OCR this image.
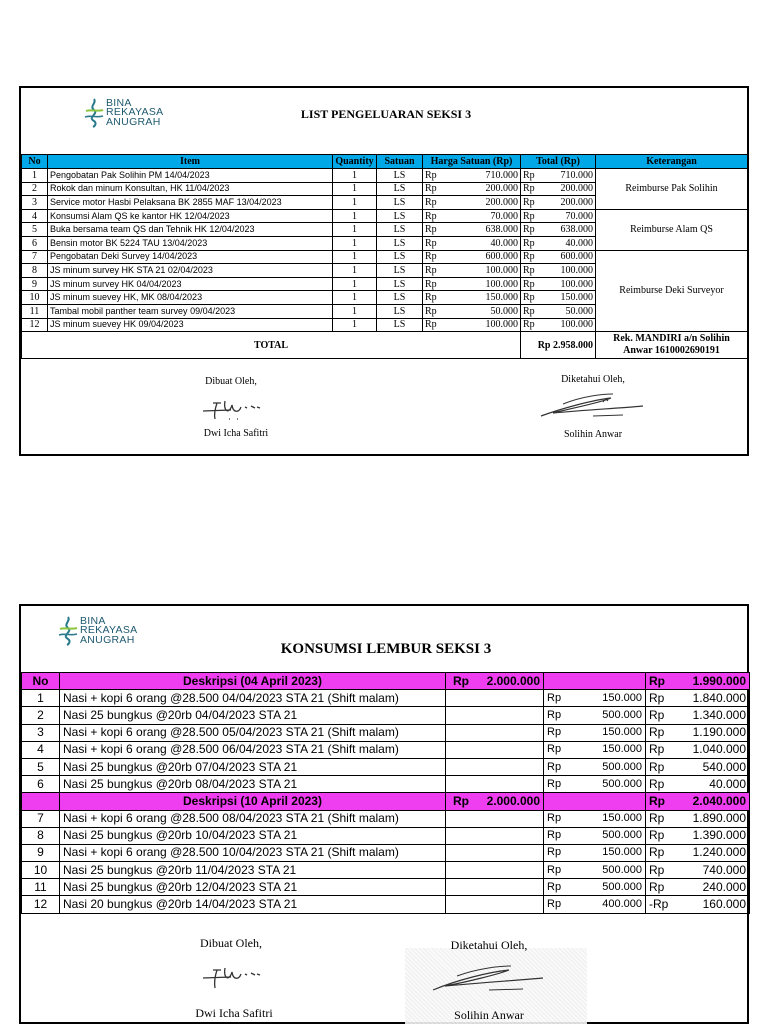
BINA
REKAYASA
ANUGRAH
LIST PENGELUARAN SEKSI 3
No	Item	Quantity	Satuan	Harga Satuan (Rp)		Total (Rp)		Keterangan
1	Pengobatan Pak Solihin PM 14/04/2023	1	LS	Rp	710.000	Rp	710.000	Reimburse Pak Solihin
2	Rokok dan minum Konsultan, HK 11/04/2023	1	LS	Rp	200.000	Rp	200.000	
3	Service motor Hasbi Pelaksana BK 2855 MAF 13/04/2023	1	LS	Rp	200.000	Rp	200.000	
4	Konsumsi Alam QS ke kantor HK 12/04/2023	1	LS	Rp	70.000	Rp	70.000	Reimburse Alam QS
5	Buka bersama team QS dan Tehnik HK 12/04/2023	1	LS	Rp	638.000	Rp	638.000	
6	Bensin motor BK 5224 TAU 13/04/2023	1	LS	Rp	40.000	Rp	40.000	
7	Pengobatan Deki Survey 14/04/2023	1	LS	Rp	600.000	Rp	600.000	Reimburse Deki Surveyor
8	JS minum survey HK STA 21 02/04/2023	1	LS	Rp	100.000	Rp	100.000	
9	JS minum survey HK 04/04/2023	1	LS	Rp	100.000	Rp	100.000	
10	JS minum suevey HK, MK 08/04/2023	1	LS	Rp	150.000	Rp	150.000	
11	Tambal mobil panther team survey 09/04/2023	1	LS	Rp	50.000	Rp	50.000	
12	JS minum suevey HK 09/04/2023	1	LS	Rp	100.000	Rp	100.000	
TOTAL						Rp 2.958.000		Rek. MANDIRI a/n Solihin Anwar 1610002690191
Dibuat Oleh,
Dwi Icha Safitri
Diketahui Oleh,
Solihin Anwar
BINA
REKAYASA
ANUGRAH
KONSUMSI LEMBUR SEKSI 3
No	Deskripsi (04 April 2023)	Rp 2.000.000			Rp	1.990.000
1	Nasi + kopi 6 orang @28.500 04/04/2023 STA 21 (Shift malam)		Rp	150.000	Rp	1.840.000
2	Nasi 25 bungkus @20rb 04/04/2023 STA 21		Rp	500.000	Rp	1.340.000
3	Nasi + kopi 6 orang @28.500 05/04/2023 STA 21 (Shift malam)		Rp	150.000	Rp	1.190.000
4	Nasi + kopi 6 orang @28.500 06/04/2023 STA 21 (Shift malam)		Rp	150.000	Rp	1.040.000
5	Nasi 25 bungkus @20rb 07/04/2023 STA 21		Rp	500.000	Rp	540.000
6	Nasi 25 bungkus @20rb 08/04/2023 STA 21		Rp	500.000	Rp	40.000
	Deskripsi (10 April 2023)	Rp 2.000.000			Rp	2.040.000
7	Nasi + kopi 6 orang @28.500 08/04/2023 STA 21 (Shift malam)		Rp	150.000	Rp	1.890.000
8	Nasi 25 bungkus @20rb 10/04/2023 STA 21		Rp	500.000	Rp	1.390.000
9	Nasi + kopi 6 orang @28.500 10/04/2023 STA 21 (Shift malam)		Rp	150.000	Rp	1.240.000
10	Nasi 25 bungkus @20rb 11/04/2023 STA 21		Rp	500.000	Rp	740.000
11	Nasi 25 bungkus @20rb 12/04/2023 STA 21		Rp	500.000	Rp	240.000
12	Nasi 20 bungkus @20rb 14/04/2023 STA 21		Rp	400.000	-Rp	160.000
Dibuat Oleh,
Dwi Icha Safitri
Diketahui Oleh,
Solihin Anwar
